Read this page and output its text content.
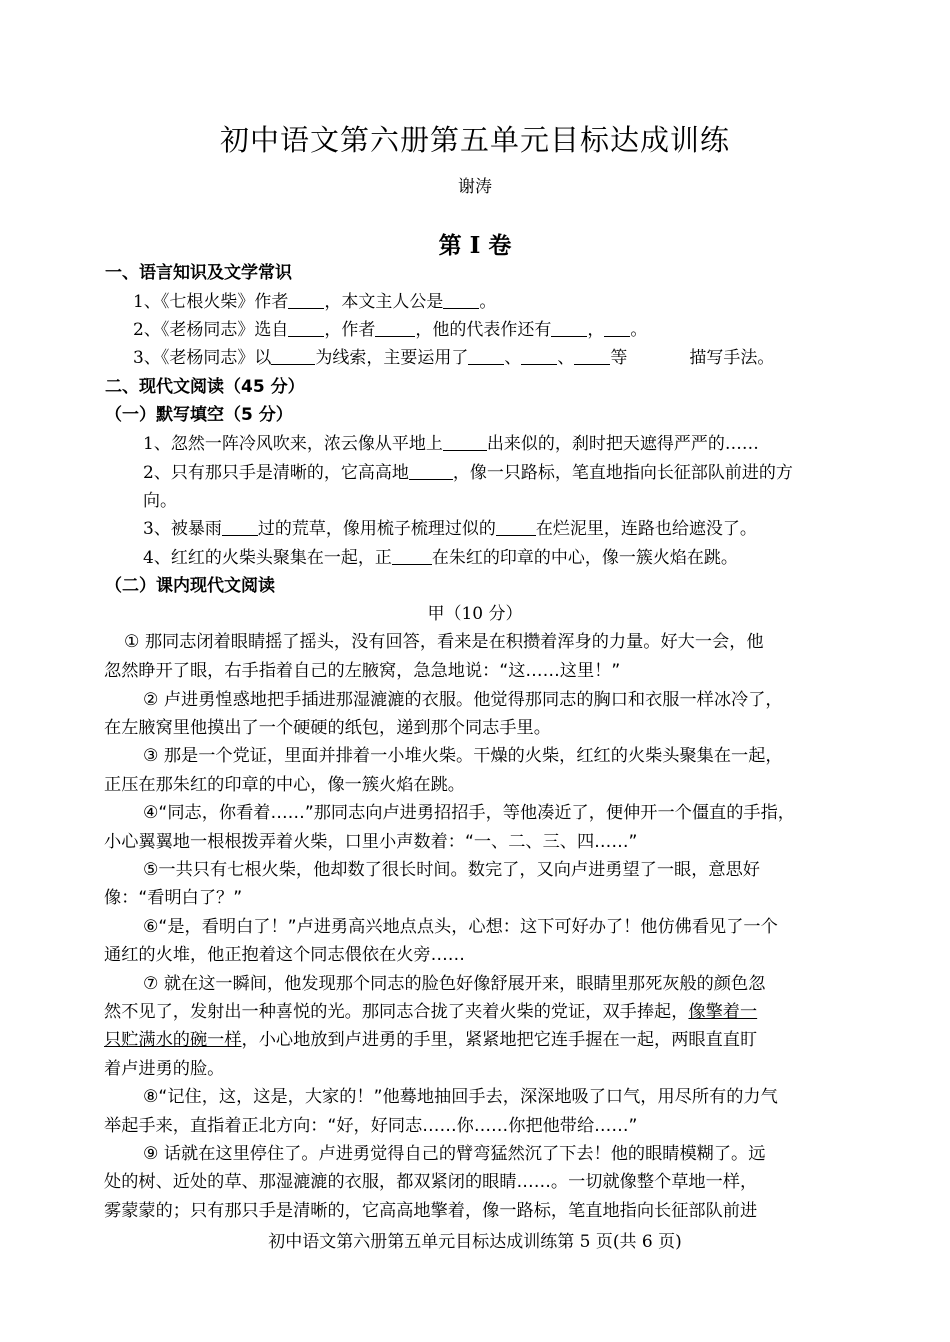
初中语文第六册第五单元目标达成训练
谢涛
第 I 卷
一、语言知识及文学常识
1、《七根火柴》作者 ，本文主人公是 。
2、《老杨同志》选自 ，作者 ，他的代表作还有 ， 。
3、《老杨同志》以	为线索，主要运用了 、 、 等	描写手法。
二、现代文阅读（45 分）
（一）默写填空（5 分）
1、忽然一阵冷风吹来，浓云像从平地上	出来似的，刹时把天遮得严严的……
2、只有那只手是清晰的，它高高地	，像一只路标，笔直地指向长征部队前进的方
向。
3、被暴雨 过的荒草，像用梳子梳理过似的 在烂泥里，连路也给遮没了。
4、红红的火柴头聚集在一起，正 在朱红的印章的中心，像一簇火焰在跳。
（二）课内现代文阅读
甲（10 分）
① 那同志闭着眼睛摇了摇头，没有回答，看来是在积攒着浑身的力量。好大一会，他
忽然睁开了眼，右手指着自己的左腋窝，急急地说：“这……这里！”
② 卢进勇惶惑地把手插进那湿漉漉的衣服。他觉得那同志的胸口和衣服一样冰冷了，
在左腋窝里他摸出了一个硬硬的纸包，递到那个同志手里。
③ 那是一个党证，里面并排着一小堆火柴。干燥的火柴，红红的火柴头聚集在一起，
正压在那朱红的印章的中心，像一簇火焰在跳。
④“同志，你看着……”那同志向卢进勇招招手，等他凑近了，便伸开一个僵直的手指，
小心翼翼地一根根拨弄着火柴，口里小声数着：“一、二、三、四……”
⑤一共只有七根火柴，他却数了很长时间。数完了，又向卢进勇望了一眼，意思好
像：“看明白了？”
⑥“是，看明白了！”卢进勇高兴地点点头，心想：这下可好办了！他仿佛看见了一个
通红的火堆，他正抱着这个同志偎依在火旁……
⑦ 就在这一瞬间，他发现那个同志的脸色好像舒展开来，眼睛里那死灰般的颜色忽
然不见了，发射出一种喜悦的光。那同志合拢了夹着火柴的党证，双手捧起，像擎着一
只贮满水的碗一样，小心地放到卢进勇的手里，紧紧地把它连手握在一起，两眼直直盯
着卢进勇的脸。
⑧“记住，这，这是，大家的！”他蓦地抽回手去，深深地吸了口气，用尽所有的力气
举起手来，直指着正北方向：“好，好同志……你……你把他带给……”
⑨ 话就在这里停住了。卢进勇觉得自己的臂弯猛然沉了下去！他的眼睛模糊了。远
处的树、近处的草、那湿漉漉的衣服，都双紧闭的眼睛……。一切就像整个草地一样，
雾蒙蒙的；只有那只手是清晰的，它高高地擎着，像一路标，笔直地指向长征部队前进
初中语文第六册第五单元目标达成训练第 5 页(共 6 页)
